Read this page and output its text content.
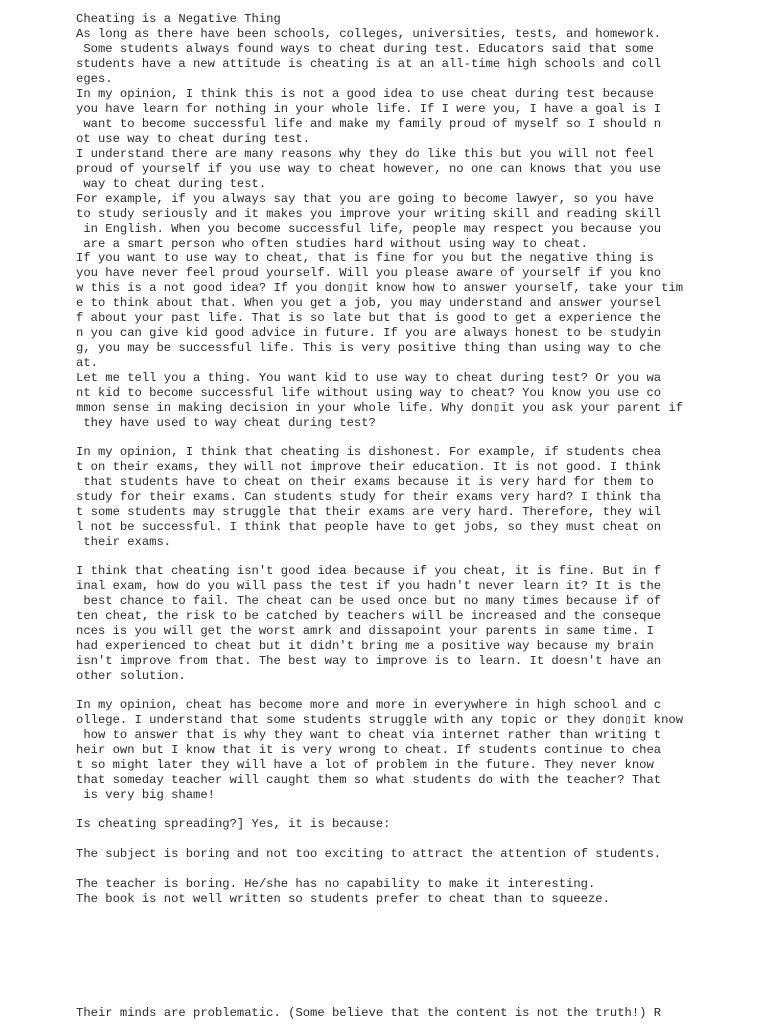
Cheating is a Negative Thing

As long as there have been schools, colleges, universities, tests, and homework.

Some students always found ways to cheat during test. Educators said that some

students have a new attitude is cheating is at an all-time high schools and coll

eges.

In my opinion, I think this is not a good idea to use cheat during test because

you have learn for nothing in your whole life. If I were you, I have a goal is I

want to become successful life and make my family proud of myself so I should n

ot use way to cheat during test.

I understand there are many reasons why they do like this but you will not feel

proud of yourself if you use way to cheat however, no one can knows that you use

way to cheat during test.

For example, if you always say that you are going to become lawyer, so you have

to study seriously and it makes you improve your writing skill and reading skill

in English. When you become successful life, people may respect you because you

are a smart person who often studies hard without using way to cheat.

If you want to use way to cheat, that is fine for you but the negative thing is

you have never feel proud yourself. Will you please aware of yourself if you kno

w this is a not good idea? If you don▯it know how to answer yourself, take your tim

e to think about that. When you get a job, you may understand and answer yoursel

f about your past life. That is so late but that is good to get a experience the

n you can give kid good advice in future. If you are always honest to be studyin

g, you may be successful life. This is very positive thing than using way to che

at.

Let me tell you a thing. You want kid to use way to cheat during test? Or you wa

nt kid to become successful life without using way to cheat? You know you use co

mmon sense in making decision in your whole life. Why don▯it you ask your parent if

they have used to way cheat during test?

In my opinion, I think that cheating is dishonest. For example, if students chea

t on their exams, they will not improve their education. It is not good. I think

that students have to cheat on their exams because it is very hard for them to

study for their exams. Can students study for their exams very hard? I think tha

t some students may struggle that their exams are very hard. Therefore, they wil

l not be successful. I think that people have to get jobs, so they must cheat on

their exams.

I think that cheating isn't good idea because if you cheat, it is fine. But in f

inal exam, how do you will pass the test if you hadn't never learn it? It is the

best chance to fail. The cheat can be used once but no many times because if of

ten cheat, the risk to be catched by teachers will be increased and the conseque

nces is you will get the worst amrk and dissapoint your parents in same time. I

had experienced to cheat but it didn't bring me a positive way because my brain

isn't improve from that. The best way to improve is to learn. It doesn't have an

other solution.

In my opinion, cheat has become more and more in everywhere in high school and c

ollege. I understand that some students struggle with any topic or they don▯it know

how to answer that is why they want to cheat via internet rather than writing t

heir own but I know that it is very wrong to cheat. If students continue to chea

t so might later they will have a lot of problem in the future. They never know

that someday teacher will caught them so what students do with the teacher? That

is very big shame!

Is cheating spreading?] Yes, it is because:

The subject is boring and not too exciting to attract the attention of students.

The teacher is boring. He/she has no capability to make it interesting.

The book is not well written so students prefer to cheat than to squeeze.

Their minds are problematic. (Some believe that the content is not the truth!) R
